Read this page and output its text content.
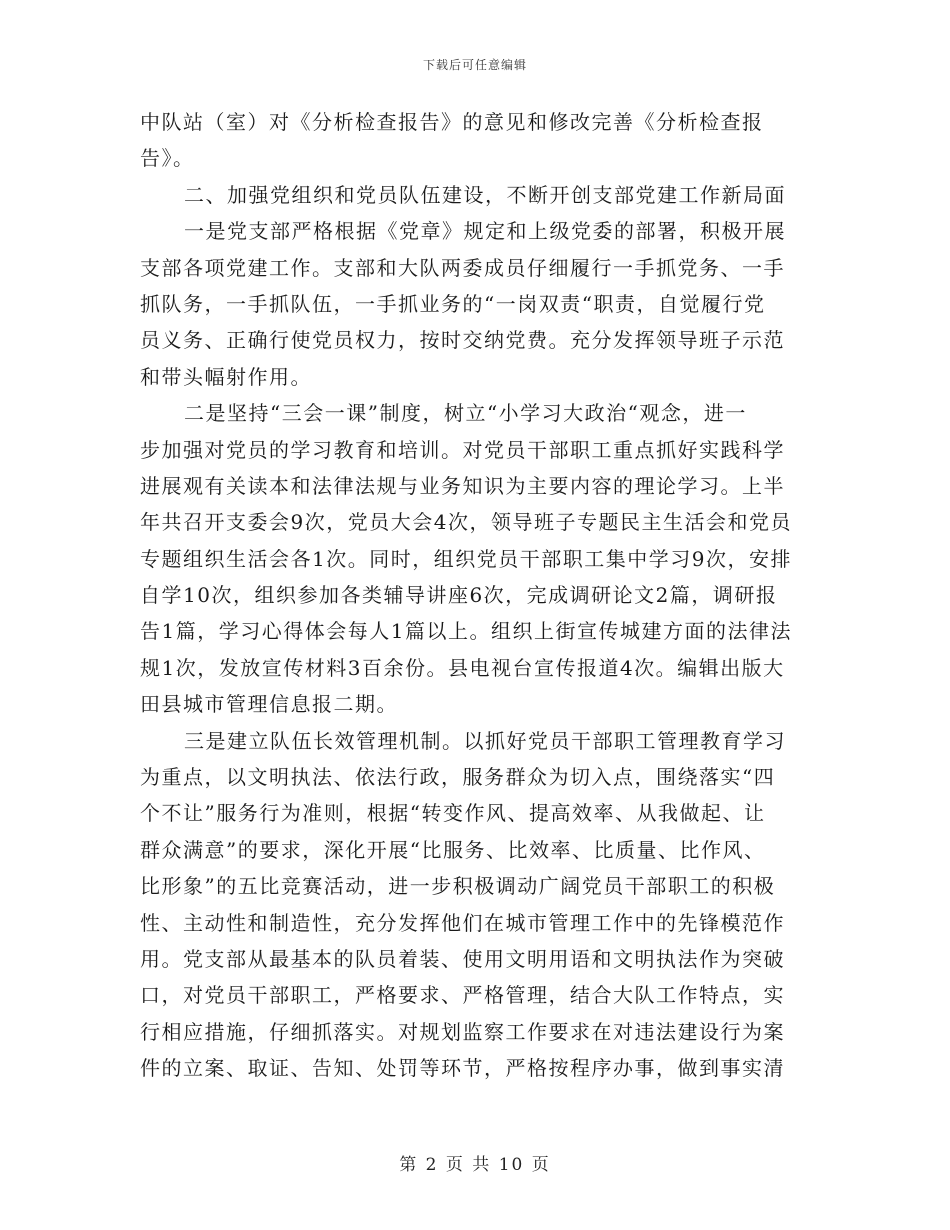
下载后可任意编辑
中队站（室）对《分析检查报告》的意见和修改完善《分析检查报
告》。
二、加强党组织和党员队伍建设，不断开创支部党建工作新局面
一是党支部严格根据《党章》规定和上级党委的部署，积极开展
支部各项党建工作。支部和大队两委成员仔细履行一手抓党务、一手
抓队务，一手抓队伍，一手抓业务的“一岗双责“职责，自觉履行党
员义务、正确行使党员权力，按时交纳党费。充分发挥领导班子示范
和带头幅射作用。
二是坚持“三会一课”制度，树立“小学习大政治“观念，进一
步加强对党员的学习教育和培训。对党员干部职工重点抓好实践科学
进展观有关读本和法律法规与业务知识为主要内容的理论学习。上半
年共召开支委会9次，党员大会4次，领导班子专题民主生活会和党员
专题组织生活会各1次。同时，组织党员干部职工集中学习9次，安排
自学10次，组织参加各类辅导讲座6次，完成调研论文2篇，调研报
告1篇，学习心得体会每人1篇以上。组织上街宣传城建方面的法律法
规1次，发放宣传材料3百余份。县电视台宣传报道4次。编辑出版大
田县城市管理信息报二期。
三是建立队伍长效管理机制。以抓好党员干部职工管理教育学习
为重点，以文明执法、依法行政，服务群众为切入点，围绕落实“四
个不让”服务行为准则，根据“转变作风、提高效率、从我做起、让
群众满意”的要求，深化开展“比服务、比效率、比质量、比作风、
比形象”的五比竞赛活动，进一步积极调动广阔党员干部职工的积极
性、主动性和制造性，充分发挥他们在城市管理工作中的先锋模范作
用。党支部从最基本的队员着装、使用文明用语和文明执法作为突破
口，对党员干部职工，严格要求、严格管理，结合大队工作特点，实
行相应措施，仔细抓落实。对规划监察工作要求在对违法建设行为案
件的立案、取证、告知、处罚等环节，严格按程序办事，做到事实清
第 2 页 共 10 页
